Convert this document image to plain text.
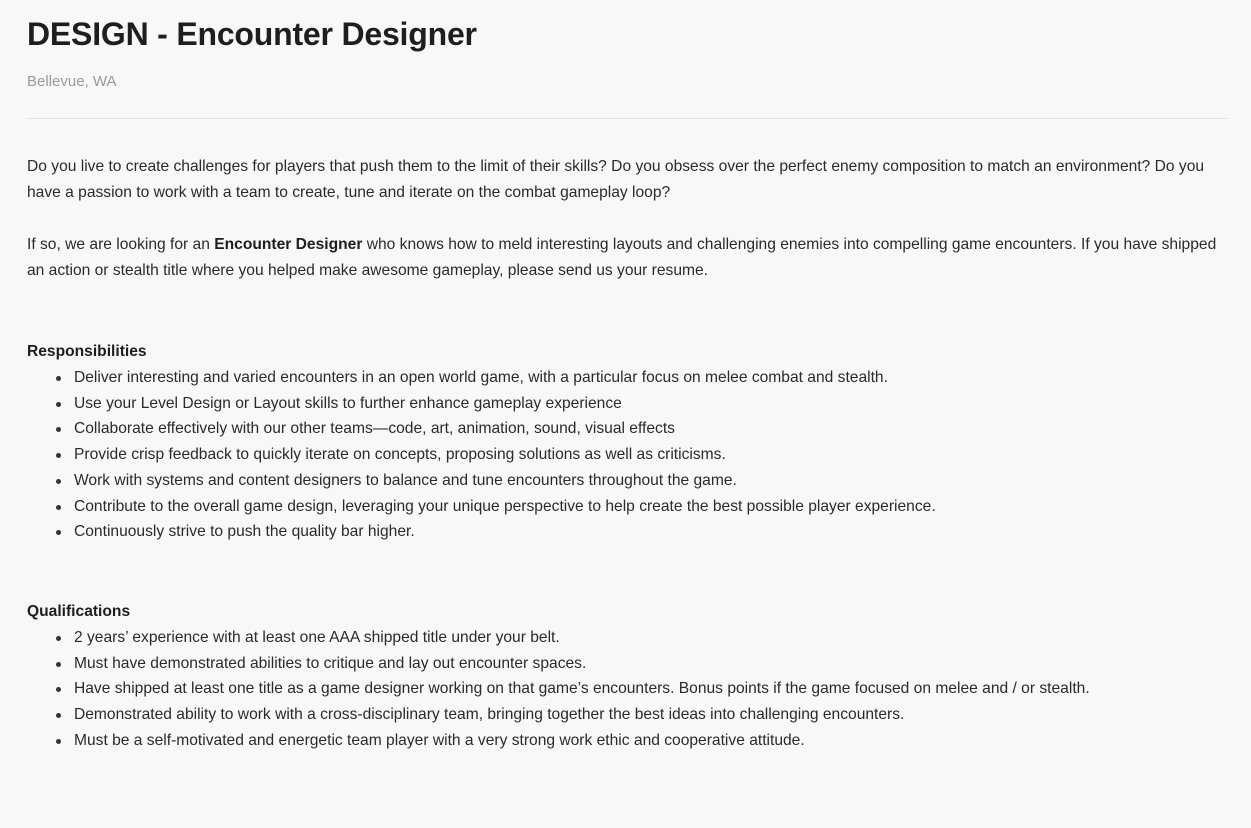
DESIGN - Encounter Designer
Bellevue, WA

Do you live to create challenges for players that push them to the limit of their skills? Do you obsess over the perfect enemy composition to match an environment? Do you have a passion to work with a team to create, tune and iterate on the combat gameplay loop?

If so, we are looking for an Encounter Designer who knows how to meld interesting layouts and challenging enemies into compelling game encounters. If you have shipped an action or stealth title where you helped make awesome gameplay, please send us your resume.

Responsibilities
Deliver interesting and varied encounters in an open world game, with a particular focus on melee combat and stealth.
Use your Level Design or Layout skills to further enhance gameplay experience
Collaborate effectively with our other teams—code, art, animation, sound, visual effects
Provide crisp feedback to quickly iterate on concepts, proposing solutions as well as criticisms.
Work with systems and content designers to balance and tune encounters throughout the game.
Contribute to the overall game design, leveraging your unique perspective to help create the best possible player experience.
Continuously strive to push the quality bar higher.
Qualifications
2 years’ experience with at least one AAA shipped title under your belt.
Must have demonstrated abilities to critique and lay out encounter spaces.
Have shipped at least one title as a game designer working on that game’s encounters. Bonus points if the game focused on melee and / or stealth.
Demonstrated ability to work with a cross-disciplinary team, bringing together the best ideas into challenging encounters.
Must be a self-motivated and energetic team player with a very strong work ethic and cooperative attitude.
